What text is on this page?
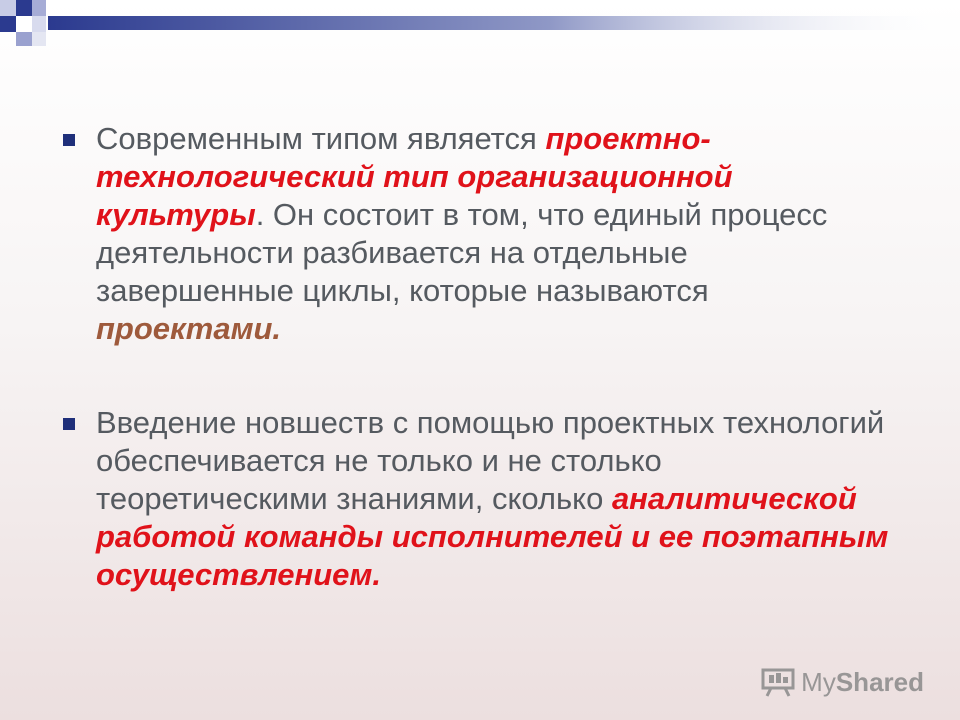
Современным типом является проектно-технологический тип организационной культуры. Он состоит в том, что единый процесс деятельности разбивается на отдельные завершенные циклы, которые называются проектами.
Введение новшеств с помощью проектных технологий обеспечивается не только и не столько теоретическими знаниями, сколько аналитической работой команды исполнителей и ее поэтапным осуществлением.
MyShared
